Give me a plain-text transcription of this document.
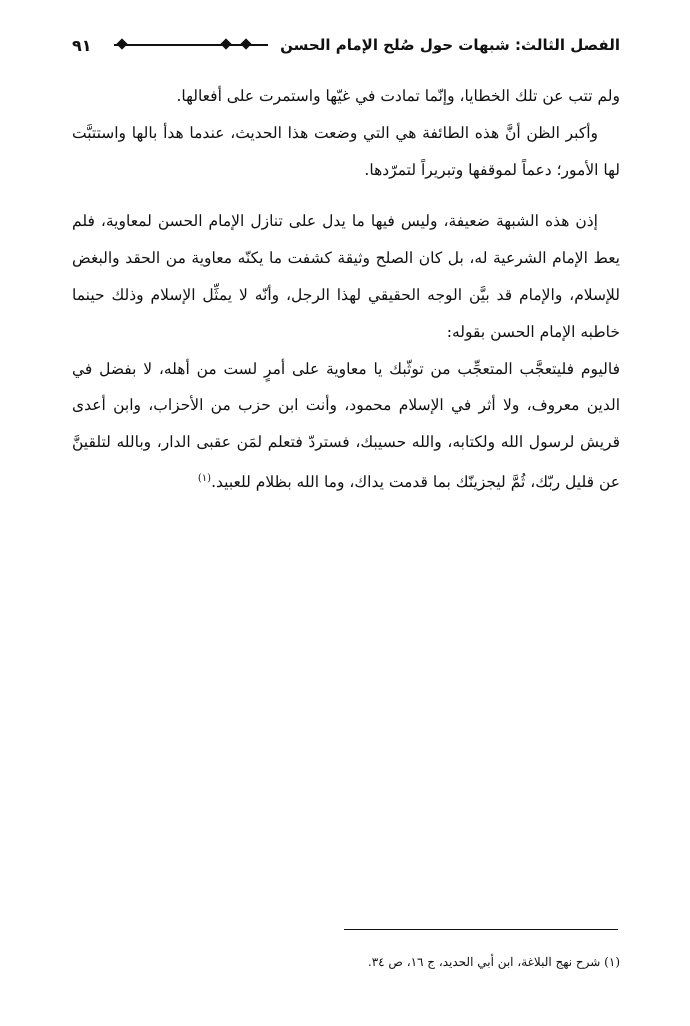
الفصل الثالث: شبهات حول صُلح الإمام الحسن
٩١

ولم تتب عن تلك الخطايا، وإنّما تمادت في غيّها واستمرت على أفعالها.

وأكبر الظن أنَّ هذه الطائفة هي التي وضعت هذا الحديث، عندما هدأ بالها واستتبَّت لها الأمور؛ دعماً لموقفها وتبريراً لتمرّدها.

إذن هذه الشبهة ضعيفة، وليس فيها ما يدل على تنازل الإمام الحسن لمعاوية، فلم يعط الإمام الشرعية له، بل كان الصلح وثيقة كشفت ما يكنّه معاوية من الحقد والبغض للإسلام، والإمام قد بيَّن الوجه الحقيقي لهذا الرجل، وأنّه لا يمثِّل الإسلام وذلك حينما خاطبه الإمام الحسن بقوله:

فاليوم فليتعجَّب المتعجِّب من توثّبك يا معاوية على أمرٍ لست من أهله، لا بفضل في الدين معروف، ولا أثر في الإسلام محمود، وأنت ابن حزب من الأحزاب، وابن أعدى قريش لرسول الله ولكتابه، والله حسيبك، فستردّ فتعلم لمَن عقبى الدار، وبالله لتلقينَّ عن قليل ربّك، ثُمَّ ليجزينّك بما قدمت يداك، وما الله بظلام للعبيد.$^{(١)}$

(١) شرح نهج البلاغة، ابن أبي الحديد، ج ١٦، ص ٣٤.
